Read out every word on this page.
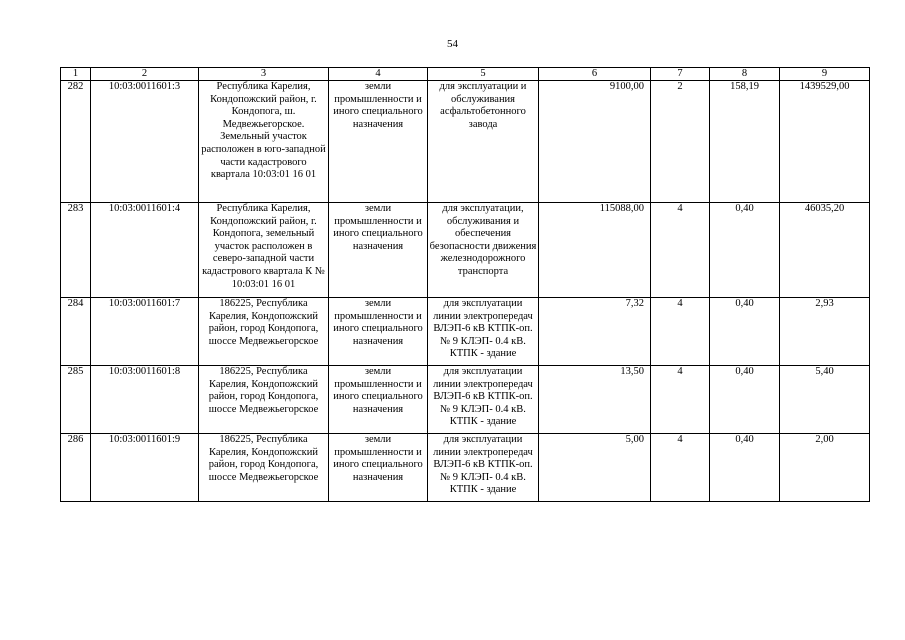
54
1	2	3	4	5	6	7	8	9
282	10:03:0011601:3	Республика Карелия, Кондопожский район, г. Кондопога, ш. Медвежьегорское. Земельный участок расположен в юго-западной части кадастрового квартала 10:03:01 16 01	земли промышленности и иного специального назначения	для эксплуатации и обслуживания асфальтобетонного завода	9100,00	2	158,19	1439529,00
283	10:03:0011601:4	Республика Карелия, Кондопожский район, г. Кондопога, земельный участок расположен в северо-западной части кадастрового квартала К № 10:03:01 16 01	земли промышленности и иного специального назначения	для эксплуатации, обслуживания и обеспечения безопасности движения железнодорожного транспорта	115088,00	4	0,40	46035,20
284	10:03:0011601:7	186225, Республика Карелия, Кондопожский район, город Кондопога, шоссе Медвежьегорское	земли промышленности и иного специального назначения	для эксплуатации линии электропередач ВЛЭП-6 кВ КТПК-оп. № 9 КЛЭП- 0.4 кВ. КТПК - здание	7,32	4	0,40	2,93
285	10:03:0011601:8	186225, Республика Карелия, Кондопожский район, город Кондопога, шоссе Медвежьегорское	земли промышленности и иного специального назначения	для эксплуатации линии электропередач ВЛЭП-6 кВ КТПК-оп. № 9 КЛЭП- 0.4 кВ. КТПК - здание	13,50	4	0,40	5,40
286	10:03:0011601:9	186225, Республика Карелия, Кондопожский район, город Кондопога, шоссе Медвежьегорское	земли промышленности и иного специального назначения	для эксплуатации линии электропередач ВЛЭП-6 кВ КТПК-оп. № 9 КЛЭП- 0.4 кВ. КТПК - здание	5,00	4	0,40	2,00
